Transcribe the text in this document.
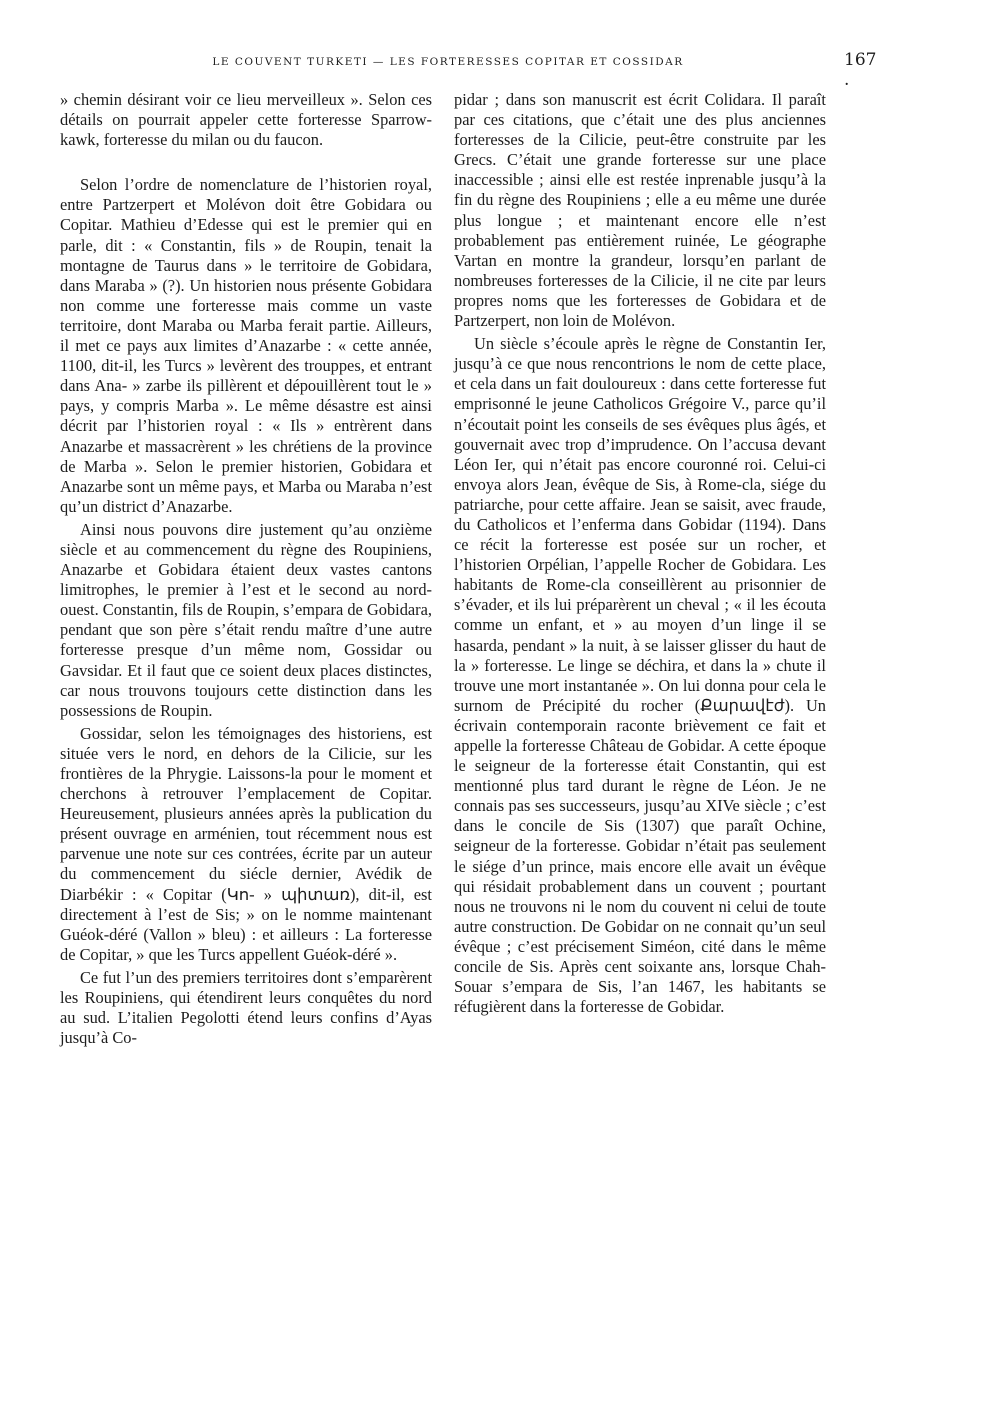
LE COUVENT TURKETI — LES FORTERESSES COPITAR ET COSSIDAR	167 .

» chemin désirant voir ce lieu merveilleux ». Selon ces détails on pourrait appeler cette forteresse Sparrow-kawk, forteresse du milan ou du faucon.

Selon l’ordre de nomenclature de l’historien royal, entre Partzerpert et Molévon doit être Gobidara ou Copitar. Mathieu d’Edesse qui est le premier qui en parle, dit : « Constantin, fils » de Roupin, tenait la montagne de Taurus dans » le territoire de Gobidara, dans Maraba » (?). Un historien nous présente Gobidara non comme une forteresse mais comme un vaste territoire, dont Maraba ou Marba ferait partie. Ailleurs, il met ce pays aux limites d’Anazarbe : « cette année, 1100, dit-il, les Turcs » levèrent des trouppes, et entrant dans Ana- » zarbe ils pillèrent et dépouillèrent tout le » pays, y compris Marba ». Le même désastre est ainsi décrit par l’historien royal : « Ils » entrèrent dans Anazarbe et massacrèrent » les chrétiens de la province de Marba ». Selon le premier historien, Gobidara et Anazarbe sont un même pays, et Marba ou Maraba n’est qu’un district d’Anazarbe.

Ainsi nous pouvons dire justement qu’au onzième siècle et au commencement du règne des Roupiniens, Anazarbe et Gobidara étaient deux vastes cantons limitrophes, le premier à l’est et le second au nord-ouest. Constantin, fils de Roupin, s’empara de Gobidara, pendant que son père s’était rendu maître d’une autre forteresse presque d’un même nom, Gossidar ou Gavsidar. Et il faut que ce soient deux places distinctes, car nous trouvons toujours cette distinction dans les possessions de Roupin.

Gossidar, selon les témoignages des historiens, est située vers le nord, en dehors de la Cilicie, sur les frontières de la Phrygie. Laissons-la pour le moment et cherchons à retrouver l’emplacement de Copitar. Heureusement, plusieurs années après la publication du présent ouvrage en arménien, tout récemment nous est parvenue une note sur ces contrées, écrite par un auteur du commencement du siécle dernier, Avédik de Diarbékir : « Copitar (Կո- » պիտառ), dit-il, est directement à l’est de Sis; » on le nomme maintenant Guéok-déré (Vallon » bleu) : et ailleurs : La forteresse de Copitar, » que les Turcs appellent Guéok-déré ».

Ce fut l’un des premiers territoires dont s’emparèrent les Roupiniens, qui étendirent leurs conquêtes du nord au sud. L’italien Pegolotti étend leurs confins d’Ayas jusqu’à Co-

pidar ; dans son manuscrit est écrit Colidara. Il paraît par ces citations, que c’était une des plus anciennes forteresses de la Cilicie, peut-être construite par les Grecs. C’était une grande forteresse sur une place inaccessible ; ainsi elle est restée inprenable jusqu’à la fin du règne des Roupiniens ; elle a eu même une durée plus longue ; et maintenant encore elle n’est probablement pas entièrement ruinée, Le géographe Vartan en montre la grandeur, lorsqu’en parlant de nombreuses forteresses de la Cilicie, il ne cite par leurs propres noms que les forteresses de Gobidara et de Partzerpert, non loin de Molévon.

Un siècle s’écoule après le règne de Constantin Ier, jusqu’à ce que nous rencontrions le nom de cette place, et cela dans un fait douloureux : dans cette forteresse fut emprisonné le jeune Catholicos Grégoire V., parce qu’il n’écoutait point les conseils de ses évêques plus âgés, et gouvernait avec trop d’imprudence. On l’accusa devant Léon Ier, qui n’était pas encore couronné roi. Celui-ci envoya alors Jean, évêque de Sis, à Rome-cla, siége du patriarche, pour cette affaire. Jean se saisit, avec fraude, du Catholicos et l’enferma dans Gobidar (1194). Dans ce récit la forteresse est posée sur un rocher, et l’historien Orpélian, l’appelle Rocher de Gobidara. Les habitants de Rome-cla conseillèrent au prisonnier de s’évader, et ils lui préparèrent un cheval ; « il les écouta comme un enfant, et » au moyen d’un linge il se hasarda, pendant » la nuit, à se laisser glisser du haut de la » forteresse. Le linge se déchira, et dans la » chute il trouve une mort instantanée ». On lui donna pour cela le surnom de Précipité du rocher (Քարավէժ). Un écrivain contemporain raconte brièvement ce fait et appelle la forteresse Château de Gobidar. A cette époque le seigneur de la forteresse était Constantin, qui est mentionné plus tard durant le règne de Léon. Je ne connais pas ses successeurs, jusqu’au XIVe siècle ; c’est dans le concile de Sis (1307) que paraît Ochine, seigneur de la forteresse. Gobidar n’était pas seulement le siége d’un prince, mais encore elle avait un évêque qui résidait probablement dans un couvent ; pourtant nous ne trouvons ni le nom du couvent ni celui de toute autre construction. De Gobidar on ne connait qu’un seul évêque ; c’est précisement Siméon, cité dans le même concile de Sis. Après cent soixante ans, lorsque Chah-Souar s’empara de Sis, l’an 1467, les habitants se réfugièrent dans la forteresse de Gobidar.
